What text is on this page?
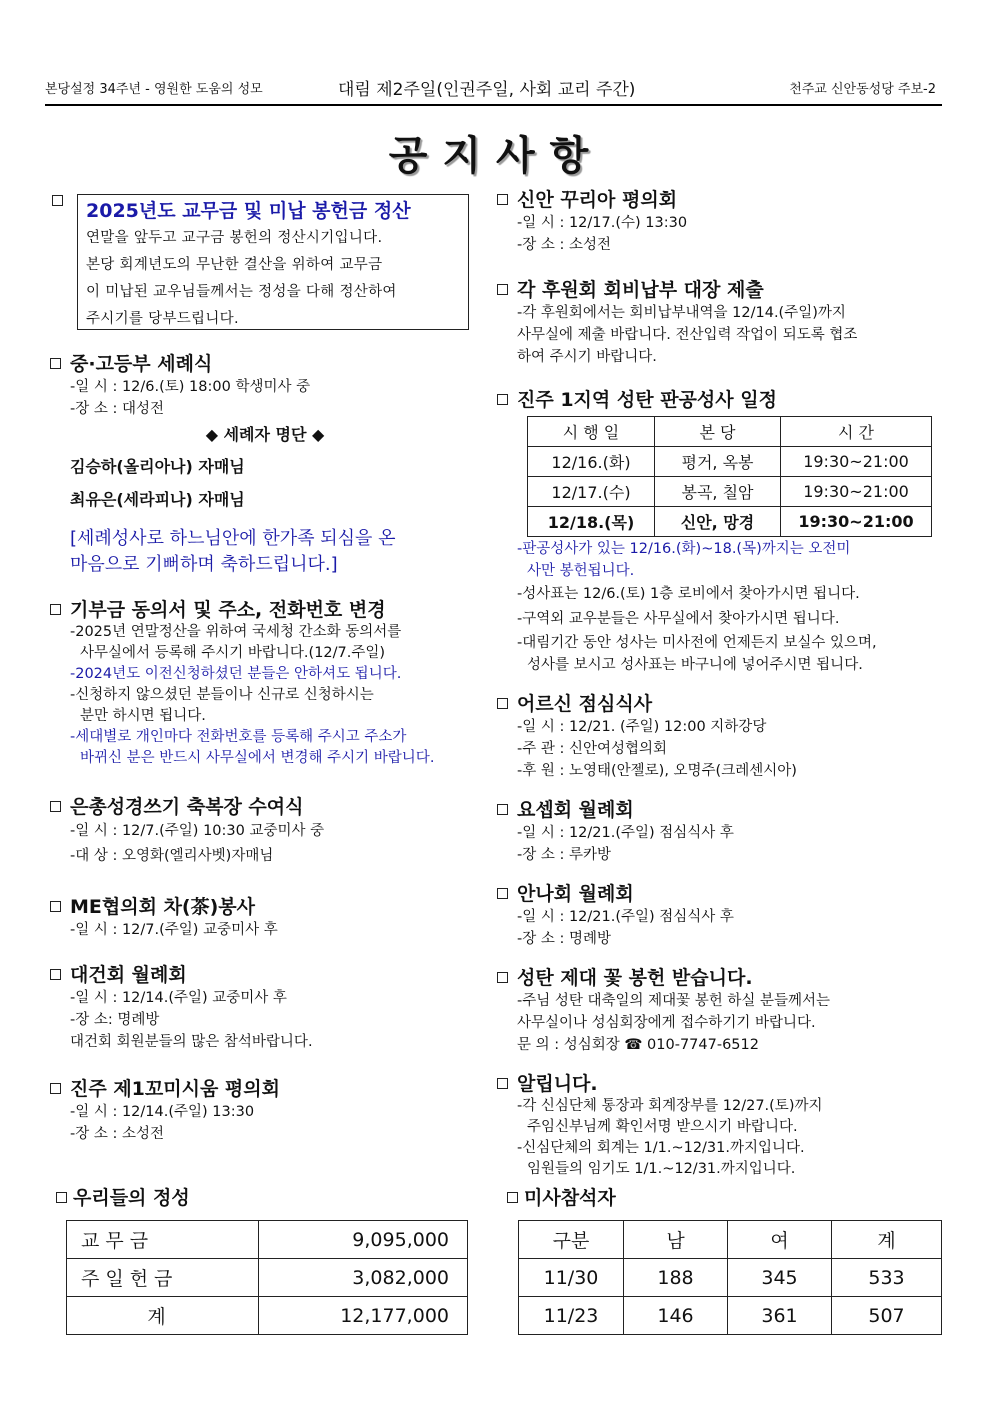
본당설정 34주년 - 영원한 도움의 성모	대림 제2주일(인권주일, 사회 교리 주간)	천주교 신안동성당 주보-2
공지사항
2025년도 교무금 및 미납 봉헌금 정산
연말을 앞두고 교구금 봉헌의 정산시기입니다.
본당 회계년도의 무난한 결산을 위하여 교무금
이 미납된 교우님들께서는 정성을 다해 정산하여
주시기를 당부드립니다.
중·고등부 세례식
-일 시 : 12/6.(토) 18:00 학생미사 중
-장 소 : 대성전
◆ 세례자 명단 ◆
김승하(올리아나) 자매님
최유은(세라피나) 자매님
[세례성사로 하느님안에 한가족 되심을 온
마음으로 기뻐하며 축하드립니다.]
기부금 동의서 및 주소, 전화번호 변경
-2025년 연말정산을 위하여 국세청 간소화 동의서를
사무실에서 등록해 주시기 바랍니다.(12/7.주일)
-2024년도 이전신청하셨던 분들은 안하셔도 됩니다.
-신청하지 않으셨던 분들이나 신규로 신청하시는
분만 하시면 됩니다.
-세대별로 개인마다 전화번호를 등록해 주시고 주소가
바뀌신 분은 반드시 사무실에서 변경해 주시기 바랍니다.
은총성경쓰기 축복장 수여식
-일 시 : 12/7.(주일) 10:30 교중미사 중
-대 상 : 오영화(엘리사벳)자매님
ME협의회 차(茶)봉사
-일 시 : 12/7.(주일) 교중미사 후
대건회 월례회
-일 시 : 12/14.(주일) 교중미사 후
-장 소: 명례방
대건회 회원분들의 많은 참석바랍니다.
진주 제1꼬미시움 평의회
-일 시 : 12/14.(주일) 13:30
-장 소 : 소성전
신안 꾸리아 평의회
-일 시 : 12/17.(수) 13:30
-장 소 : 소성전
각 후원회 회비납부 대장 제출
-각 후원회에서는 회비납부내역을 12/14.(주일)까지
사무실에 제출 바랍니다. 전산입력 작업이 되도록 협조
하여 주시기 바랍니다.
진주 1지역 성탄 판공성사 일정
시 행 일	본 당	시 간
12/16.(화)	평거, 옥봉	19:30~21:00
12/17.(수)	봉곡, 칠암	19:30~21:00
12/18.(목)	신안, 망경	19:30~21:00
-판공성사가 있는 12/16.(화)~18.(목)까지는 오전미
사만 봉헌됩니다.
-성사표는 12/6.(토) 1층 로비에서 찾아가시면 됩니다.
-구역외 교우분들은 사무실에서 찾아가시면 됩니다.
-대림기간 동안 성사는 미사전에 언제든지 보실수 있으며,
성사를 보시고 성사표는 바구니에 넣어주시면 됩니다.
어르신 점심식사
-일 시 : 12/21. (주일) 12:00 지하강당
-주 관 : 신안여성협의회
-후 원 : 노영태(안젤로), 오명주(크레센시아)
요셉회 월례회
-일 시 : 12/21.(주일) 점심식사 후
-장 소 : 루카방
안나회 월례회
-일 시 : 12/21.(주일) 점심식사 후
-장 소 : 명례방
성탄 제대 꽃 봉헌 받습니다.
-주님 성탄 대축일의 제대꽃 봉헌 하실 분들께서는
사무실이나 성심회장에게 접수하기기 바랍니다.
문 의 : 성심회장 ☎ 010-7747-6512
알립니다.
-각 신심단체 통장과 회계장부를 12/27.(토)까지
주임신부님께 확인서명 받으시기 바랍니다.
-신심단체의 회계는 1/1.~12/31.까지입니다.
임원들의 임기도 1/1.~12/31.까지입니다.
우리들의 정성
교무금	9,095,000
주일헌금	3,082,000
계	12,177,000
미사참석자
구분	남	여	계
11/30	188	345	533
11/23	146	361	507
